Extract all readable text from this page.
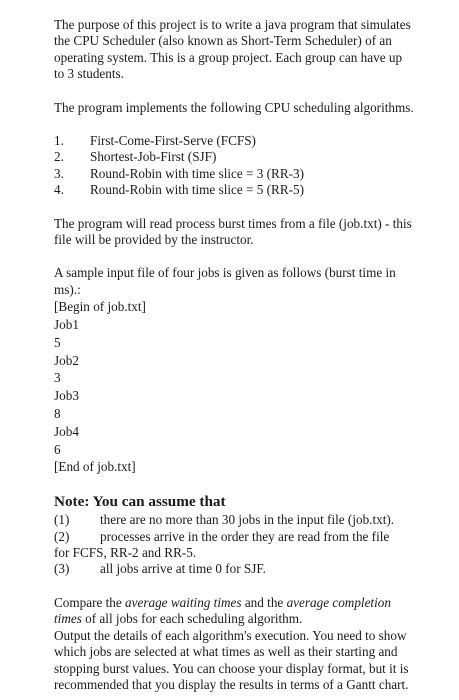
The purpose of this project is to write a java program that simulates the CPU Scheduler (also known as Short-Term Scheduler) of an operating system. This is a group project. Each group can have up to 3 students.

The program implements the following CPU scheduling algorithms.

1.	First-Come-First-Serve (FCFS)
2.	Shortest-Job-First (SJF)
3.	Round-Robin with time slice = 3 (RR-3)
4.	Round-Robin with time slice = 5 (RR-5)

The program will read process burst times from a file (job.txt) - this file will be provided by the instructor.

A sample input file of four jobs is given as follows (burst time in ms).:

[Begin of job.txt]
Job1
5
Job2
3
Job3
8
Job4
6
[End of job.txt]
Note: You can assume that
(1)	there are no more than 30 jobs in the input file (job.txt).
(2)	processes arrive in the order they are read from the file
for FCFS, RR-2 and RR-5.
(3)	all jobs arrive at time 0 for SJF.

Compare the average waiting times and the average completion times of all jobs for each scheduling algorithm.

Output the details of each algorithm's execution. You need to show which jobs are selected at what times as well as their starting and stopping burst values. You can choose your display format, but it is recommended that you display the results in terms of a Gantt chart.
